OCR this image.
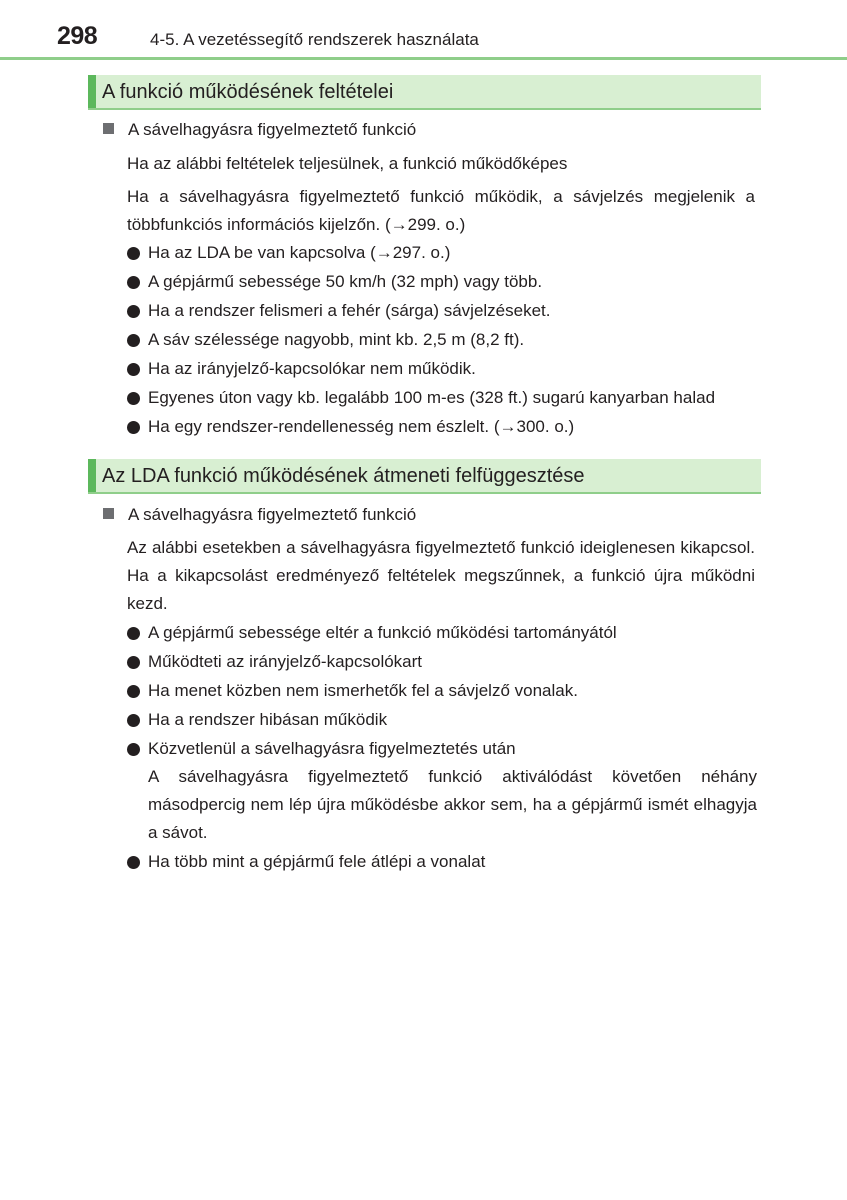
298	4-5. A vezetéssegítő rendszerek használata
A funkció működésének feltételei
A sávelhagyásra figyelmeztető funkció
Ha az alábbi feltételek teljesülnek, a funkció működőképes
Ha a sávelhagyásra figyelmeztető funkció működik, a sávjelzés megjelenik a többfunkciós információs kijelzőn. (→299. o.)
Ha az LDA be van kapcsolva (→297. o.)
A gépjármű sebessége 50 km/h (32 mph) vagy több.
Ha a rendszer felismeri a fehér (sárga) sávjelzéseket.
A sáv szélessége nagyobb, mint kb. 2,5 m (8,2 ft).
Ha az irányjelző-kapcsolókar nem működik.
Egyenes úton vagy kb. legalább 100 m-es (328 ft.) sugarú kanyarban halad
Ha egy rendszer-rendellenesség nem észlelt. (→300. o.)
Az LDA funkció működésének átmeneti felfüggesztése
A sávelhagyásra figyelmeztető funkció
Az alábbi esetekben a sávelhagyásra figyelmeztető funkció ideiglenesen kikapcsol. Ha a kikapcsolást eredményező feltételek megszűnnek, a funkció újra működni kezd.
A gépjármű sebessége eltér a funkció működési tartományától
Működteti az irányjelző-kapcsolókart
Ha menet közben nem ismerhetők fel a sávjelző vonalak.
Ha a rendszer hibásan működik
Közvetlenül a sávelhagyásra figyelmeztetés után
A sávelhagyásra figyelmeztető funkció aktiválódást követően néhány másodpercig nem lép újra működésbe akkor sem, ha a gépjármű ismét elhagyja a sávot.
Ha több mint a gépjármű fele átlépi a vonalat
